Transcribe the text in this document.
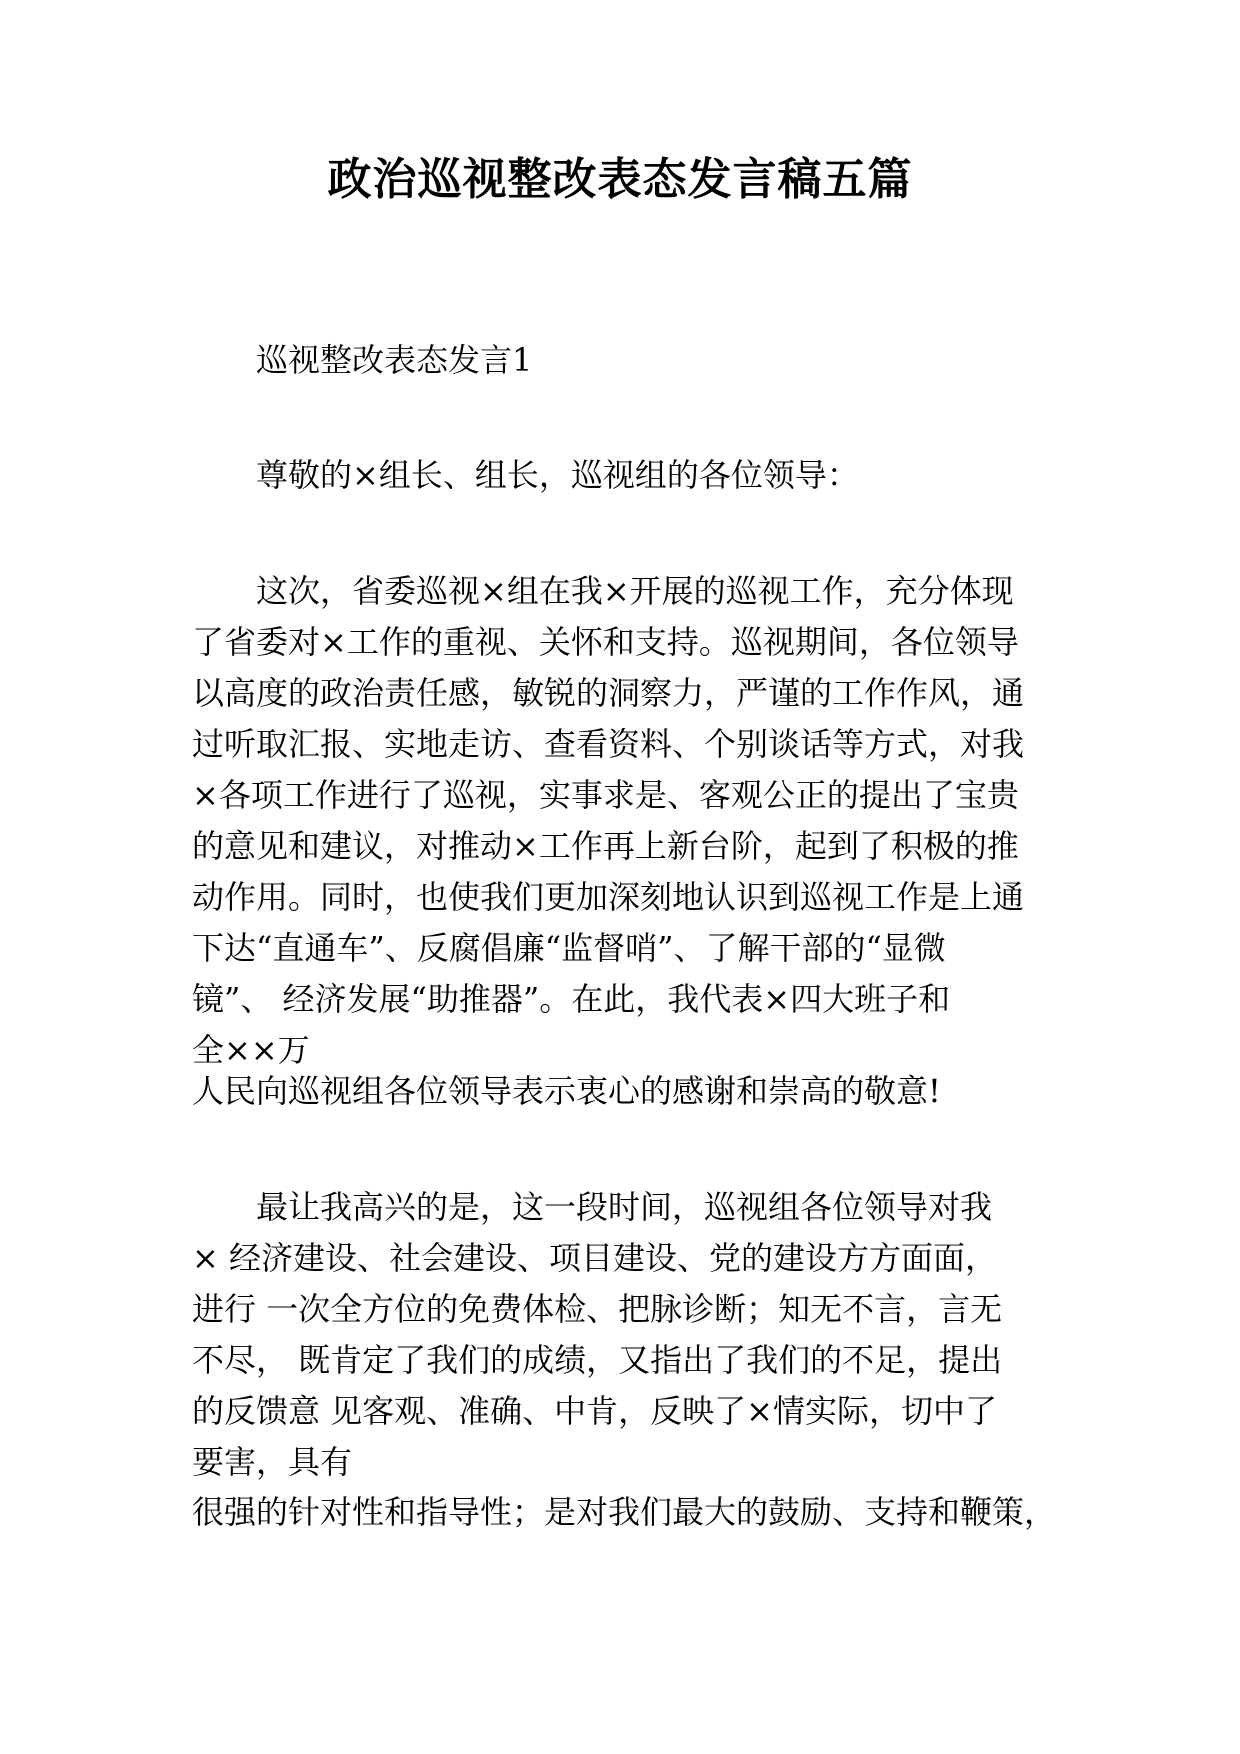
政治巡视整改表态发言稿五篇
巡视整改表态发言1
尊敬的×组长、组长，巡视组的各位领导：
这次，省委巡视×组在我×开展的巡视工作，充分体现
了省委对×工作的重视、关怀和支持。巡视期间，各位领导
以高度的政治责任感，敏锐的洞察力，严谨的工作作风，通
过听取汇报、实地走访、查看资料、个别谈话等方式，对我
×各项工作进行了巡视，实事求是、客观公正的提出了宝贵
的意见和建议，对推动×工作再上新台阶，起到了积极的推
动作用。同时，也使我们更加深刻地认识到巡视工作是上通
下达“直通车”、反腐倡廉“监督哨”、了解干部的“显微
镜”、 经济发展“助推器”。在此，我代表×四大班子和
全××万
人民向巡视组各位领导表示衷心的感谢和崇高的敬意!
最让我高兴的是，这一段时间，巡视组各位领导对我
× 经济建设、社会建设、项目建设、党的建设方方面面，
进行 一次全方位的免费体检、把脉诊断；知无不言，言无
不尽， 既肯定了我们的成绩，又指出了我们的不足，提出
的反馈意 见客观、准确、中肯，反映了×情实际，切中了
要害，具有
很强的针对性和指导性；是对我们最大的鼓励、支持和鞭策，
